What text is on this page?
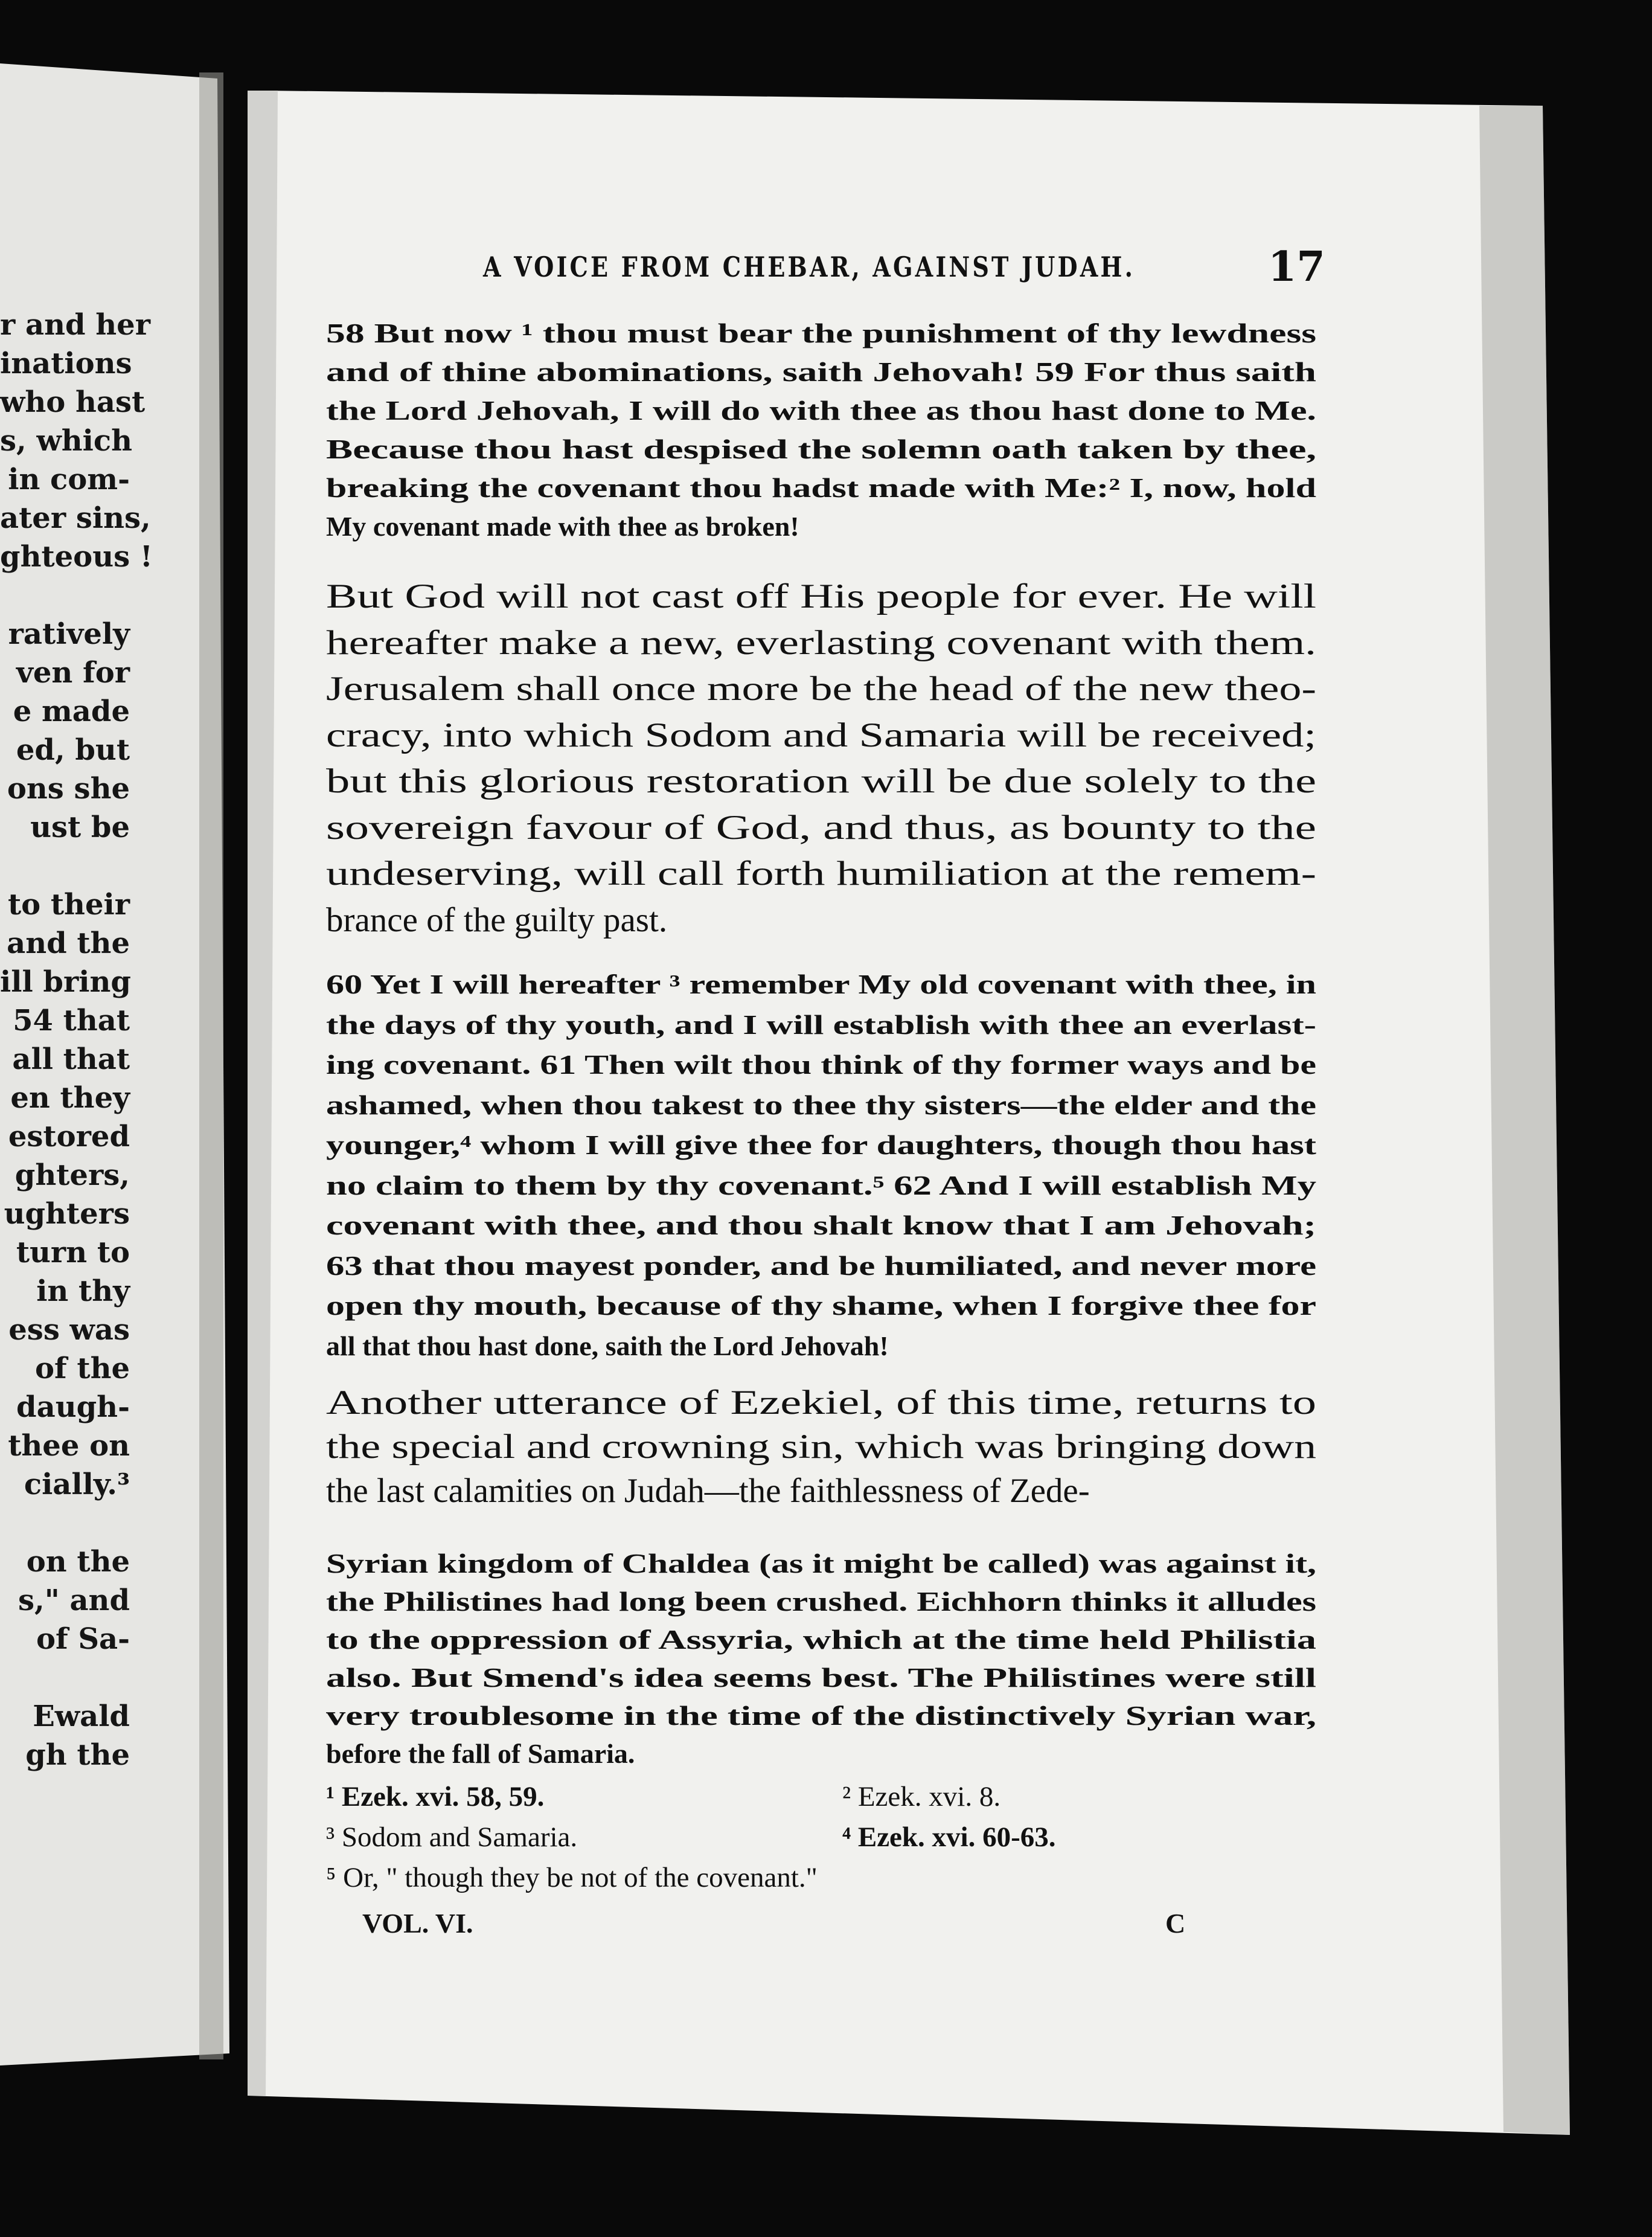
r and her
inations
who hast
s, which
in com-
ater sins,
ghteous !
ratively
ven for
e made
ed, but
ons she
ust be
to their
and the
ill bring
54 that
all that
en they
estored
ghters,
ughters
turn to
in thy
ess was
of the
daugh-
thee on
cially.³
on the
s," and
of Sa-
Ewald
gh the
A VOICE FROM CHEBAR, AGAINST JUDAH.	17
58 But now ¹ thou must bear the punishment of thy lewdness
and of thine abominations, saith Jehovah! 59 For thus saith
the Lord Jehovah, I will do with thee as thou hast done to Me.
Because thou hast despised the solemn oath taken by thee,
breaking the covenant thou hadst made with Me:² I, now, hold
My covenant made with thee as broken!
But God will not cast off His people for ever. He will
hereafter make a new, everlasting covenant with them.
Jerusalem shall once more be the head of the new theo-
cracy, into which Sodom and Samaria will be received;
but this glorious restoration will be due solely to the
sovereign favour of God, and thus, as bounty to the
undeserving, will call forth humiliation at the remem-
brance of the guilty past.
60 Yet I will hereafter ³ remember My old covenant with thee, in
the days of thy youth, and I will establish with thee an everlast-
ing covenant. 61 Then wilt thou think of thy former ways and be
ashamed, when thou takest to thee thy sisters—the elder and the
younger,⁴ whom I will give thee for daughters, though thou hast
no claim to them by thy covenant.⁵ 62 And I will establish My
covenant with thee, and thou shalt know that I am Jehovah;
63 that thou mayest ponder, and be humiliated, and never more
open thy mouth, because of thy shame, when I forgive thee for
all that thou hast done, saith the Lord Jehovah!
Another utterance of Ezekiel, of this time, returns to
the special and crowning sin, which was bringing down
the last calamities on Judah—the faithlessness of Zede-
Syrian kingdom of Chaldea (as it might be called) was against it,
the Philistines had long been crushed. Eichhorn thinks it alludes
to the oppression of Assyria, which at the time held Philistia
also. But Smend's idea seems best. The Philistines were still
very troublesome in the time of the distinctively Syrian war,
before the fall of Samaria.
¹ Ezek. xvi. 58, 59.	² Ezek. xvi. 8.
³ Sodom and Samaria.	⁴ Ezek. xvi. 60-63.
⁵ Or, " though they be not of the covenant."
VOL. VI.	C
